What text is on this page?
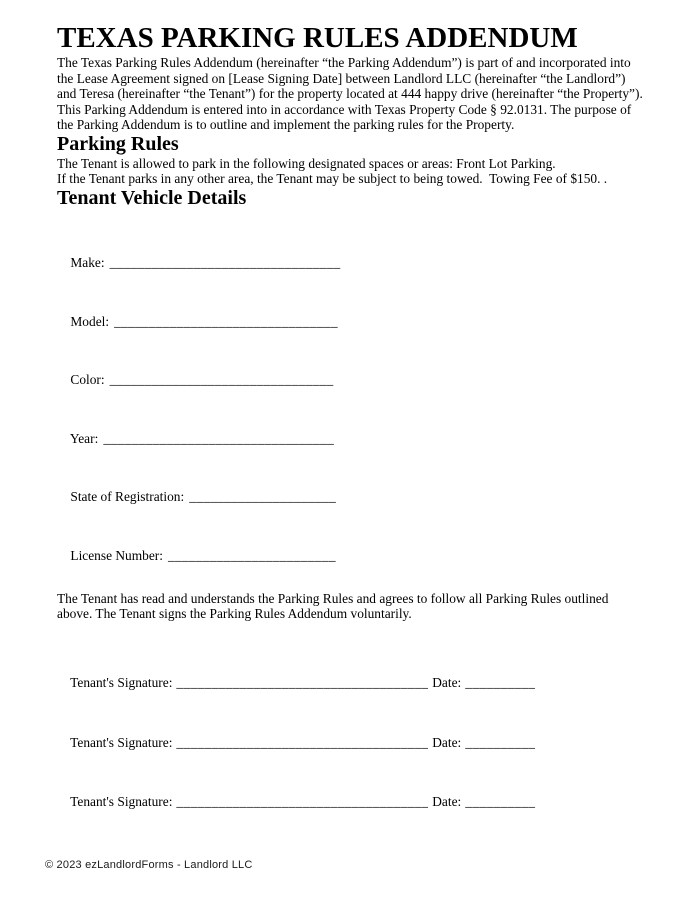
TEXAS PARKING RULES ADDENDUM

The Texas Parking Rules Addendum (hereinafter “the Parking Addendum”) is part of and incorporated into the Lease Agreement signed on [Lease Signing Date] between Landlord LLC (hereinafter “the Landlord”) and Teresa (hereinafter “the Tenant”) for the property located at 444 happy drive (hereinafter “the Property”).

This Parking Addendum is entered into in accordance with Texas Property Code § 92.0131. The purpose of the Parking Addendum is to outline and implement the parking rules for the Property.

Parking Rules

The Tenant is allowed to park in the following designated spaces or areas: Front Lot Parking.

If the Tenant parks in any other area, the Tenant may be subject to being towed.  Towing Fee of $150. .

Tenant Vehicle Details

Make: _________________________________

Model: ________________________________

Color: ________________________________

Year: _________________________________

State of Registration: _____________________

License Number: ________________________

The Tenant has read and understands the Parking Rules and agrees to follow all Parking Rules outlined above. The Tenant signs the Parking Rules Addendum voluntarily.

Tenant's Signature: ____________________________________ Date: __________

Tenant's Signature: ____________________________________ Date: __________

Tenant's Signature: ____________________________________ Date: __________

© 2023 ezLandlordForms - Landlord LLC
